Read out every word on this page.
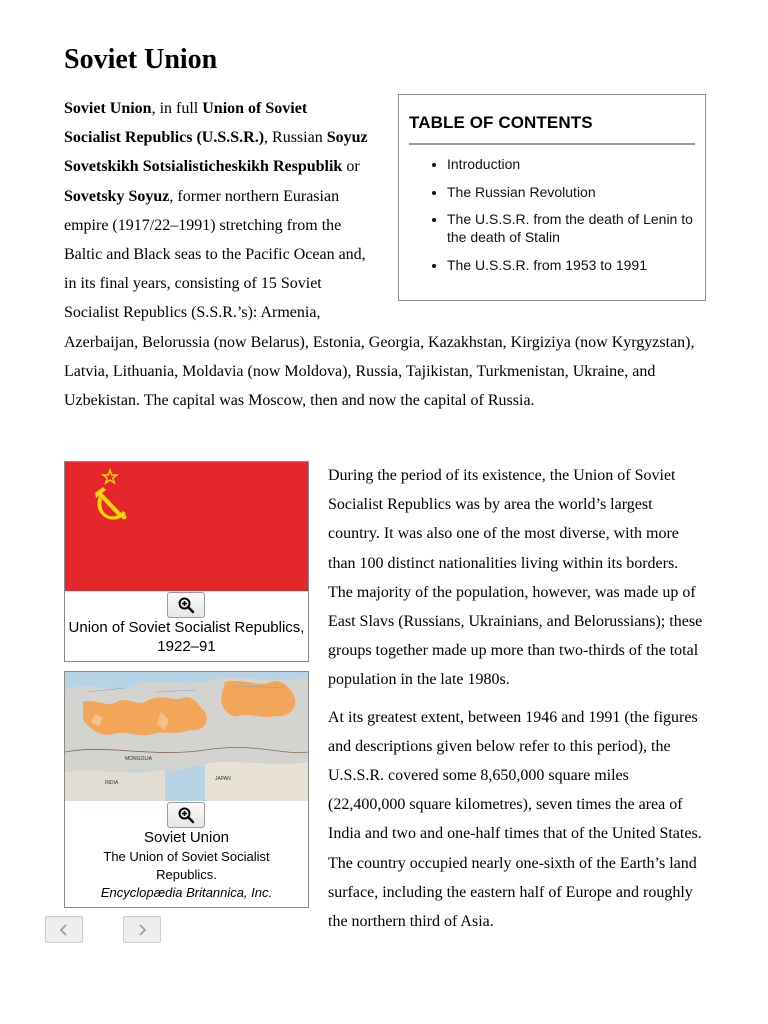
Soviet Union
TABLE OF CONTENTS
• Introduction
• The Russian Revolution
• The U.S.S.R. from the death of Lenin to the death of Stalin
• The U.S.S.R. from 1953 to 1991
Soviet Union, in full Union of Soviet Socialist Republics (U.S.S.R.), Russian Soyuz Sovetskikh Sotsialisticheskikh Respublik or Sovetsky Soyuz, former northern Eurasian empire (1917/22–1991) stretching from the Baltic and Black seas to the Pacific Ocean and, in its final years, consisting of 15 Soviet Socialist Republics (S.S.R.’s): Armenia, Azerbaijan, Belorussia (now Belarus), Estonia, Georgia, Kazakhstan, Kirgiziya (now Kyrgyzstan), Latvia, Lithuania, Moldavia (now Moldova), Russia, Tajikistan, Turkmenistan, Ukraine, and Uzbekistan. The capital was Moscow, then and now the capital of Russia.

During the period of its existence, the Union of Soviet Socialist Republics was by area the world’s largest country. It was also one of the most diverse, with more than 100 distinct nationalities living within its borders. The majority of the population, however, was made up of East Slavs (Russians, Ukrainians, and Belorussians); these groups together made up more than two-thirds of the total population in the late 1980s.

At its greatest extent, between 1946 and 1991 (the figures and descriptions given below refer to this period), the U.S.S.R. covered some 8,650,000 square miles (22,400,000 square kilometres), seven times the area of India and two and one-half times that of the United States. The country occupied nearly one-sixth of the Earth’s land surface, including the eastern half of Europe and roughly the northern third of Asia.

Union of Soviet Socialist Republics, 1922–91
MONGOLIA
JAPAN
INDIA
Soviet Union
The Union of Soviet Socialist Republics.
Encyclopædia Britannica, Inc.
